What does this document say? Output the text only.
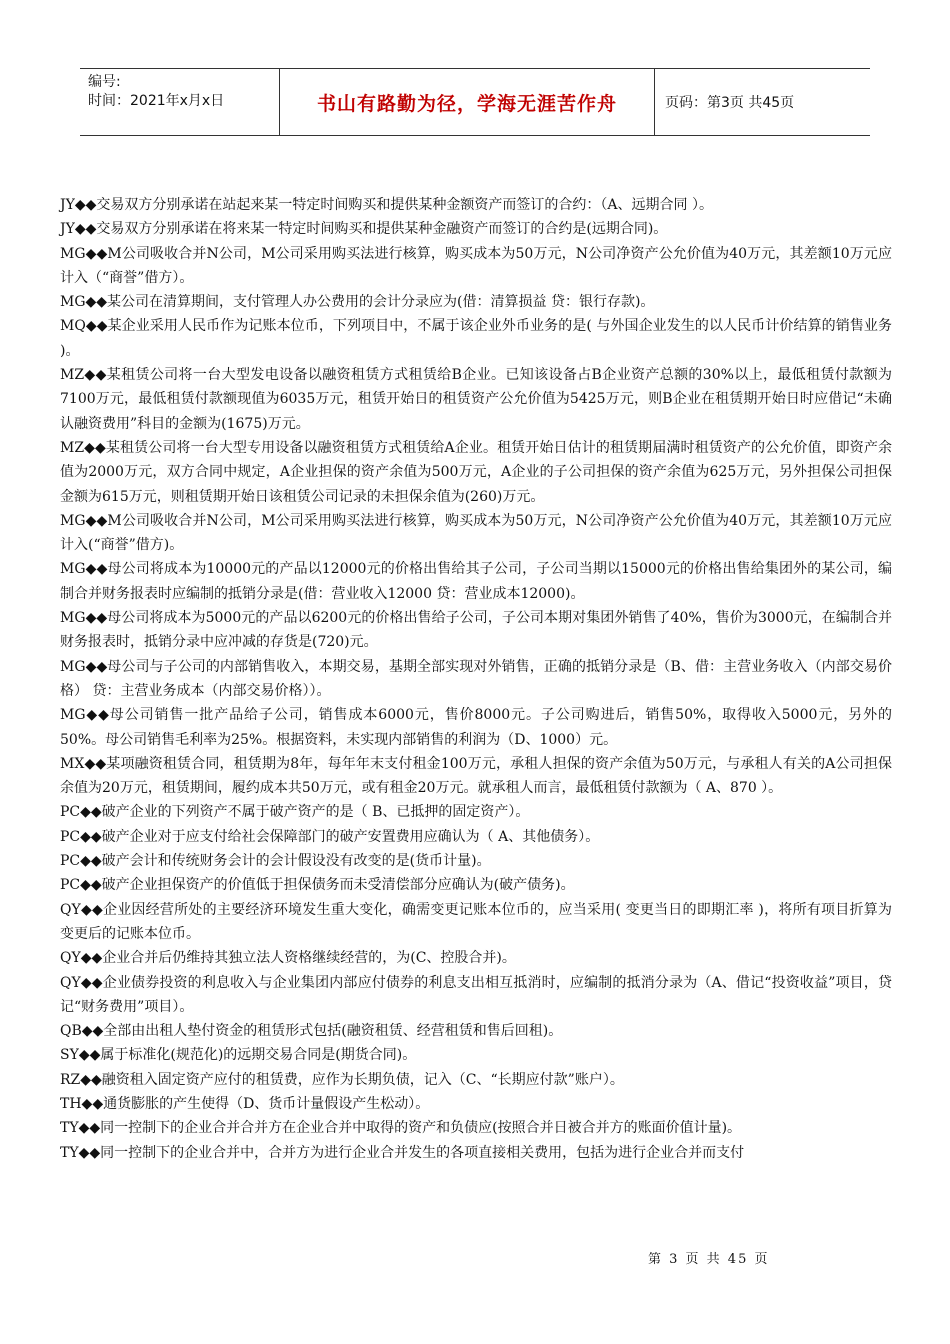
编号:
时间：2021年x月x日	书山有路勤为径，学海无涯苦作舟	页码：第3页 共45页

JY◆◆交易双方分别承诺在站起来某一特定时间购买和提供某种金额资产而签订的合约：（A、远期合同 ）。

JY◆◆交易双方分别承诺在将来某一特定时间购买和提供某种金融资产而签订的合约是(远期合同)。

MG◆◆M公司吸收合并N公司，M公司采用购买法进行核算，购买成本为50万元，N公司净资产公允价值为40万元，其差额10万元应计入（“商誉”借方）。

MG◆◆某公司在清算期间，支付管理人办公费用的会计分录应为(借：清算损益 贷：银行存款)。

MQ◆◆某企业采用人民币作为记账本位币，下列项目中，不属于该企业外币业务的是( 与外国企业发生的以人民币计价结算的销售业务 )。

MZ◆◆某租赁公司将一台大型发电设备以融资租赁方式租赁给B企业。已知该设备占B企业资产总额的30%以上，最低租赁付款额为7100万元，最低租赁付款额现值为6035万元，租赁开始日的租赁资产公允价值为5425万元，则B企业在租赁期开始日时应借记“未确认融资费用”科目的金额为(1675)万元。

MZ◆◆某租赁公司将一台大型专用设备以融资租赁方式租赁给A企业。租赁开始日估计的租赁期届满时租赁资产的公允价值，即资产余值为2000万元，双方合同中规定，A企业担保的资产余值为500万元，A企业的子公司担保的资产余值为625万元，另外担保公司担保金额为615万元，则租赁期开始日该租赁公司记录的未担保余值为(260)万元。

MG◆◆M公司吸收合并N公司，M公司采用购买法进行核算，购买成本为50万元，N公司净资产公允价值为40万元，其差额10万元应计入(“商誉”借方)。

MG◆◆母公司将成本为10000元的产品以12000元的价格出售给其子公司，子公司当期以15000元的价格出售给集团外的某公司，编制合并财务报表时应编制的抵销分录是(借：营业收入12000 贷：营业成本12000)。

MG◆◆母公司将成本为5000元的产品以6200元的价格出售给子公司，子公司本期对集团外销售了40%，售价为3000元，在编制合并财务报表时，抵销分录中应冲减的存货是(720)元。

MG◆◆母公司与子公司的内部销售收入，本期交易，基期全部实现对外销售，正确的抵销分录是（B、借：主营业务收入（内部交易价格） 贷：主营业务成本（内部交易价格））。

MG◆◆母公司销售一批产品给子公司，销售成本6000元，售价8000元。子公司购进后，销售50%，取得收入5000元，另外的50%。母公司销售毛利率为25%。根据资料，未实现内部销售的利润为（D、1000）元。

MX◆◆某项融资租赁合同，租赁期为8年，每年年末支付租金100万元，承租人担保的资产余值为50万元，与承租人有关的A公司担保余值为20万元，租赁期间，履约成本共50万元，或有租金20万元。就承租人而言，最低租赁付款额为（ A、870 ）。

PC◆◆破产企业的下列资产不属于破产资产的是（ B、已抵押的固定资产）。

PC◆◆破产企业对于应支付给社会保障部门的破产安置费用应确认为（ A、其他债务）。

PC◆◆破产会计和传统财务会计的会计假设没有改变的是(货币计量)。

PC◆◆破产企业担保资产的价值低于担保债务而未受清偿部分应确认为(破产债务)。

QY◆◆企业因经营所处的主要经济环境发生重大变化，确需变更记账本位币的，应当采用( 变更当日的即期汇率 )，将所有项目折算为变更后的记账本位币。

QY◆◆企业合并后仍维持其独立法人资格继续经营的，为(C、控股合并)。

QY◆◆企业债券投资的利息收入与企业集团内部应付债券的利息支出相互抵消时，应编制的抵消分录为（A、借记“投资收益”项目，贷记“财务费用”项目）。

QB◆◆全部由出租人垫付资金的租赁形式包括(融资租赁、经营租赁和售后回租)。

SY◆◆属于标准化(规范化)的远期交易合同是(期货合同)。

RZ◆◆融资租入固定资产应付的租赁费，应作为长期负债，记入（C、“长期应付款”账户）。

TH◆◆通货膨胀的产生使得（D、货币计量假设产生松动）。

TY◆◆同一控制下的企业合并合并方在企业合并中取得的资产和负债应(按照合并日被合并方的账面价值计量)。

TY◆◆同一控制下的企业合并中，合并方为进行企业合并发生的各项直接相关费用，包括为进行企业合并而支付

第 3 页 共 45 页
